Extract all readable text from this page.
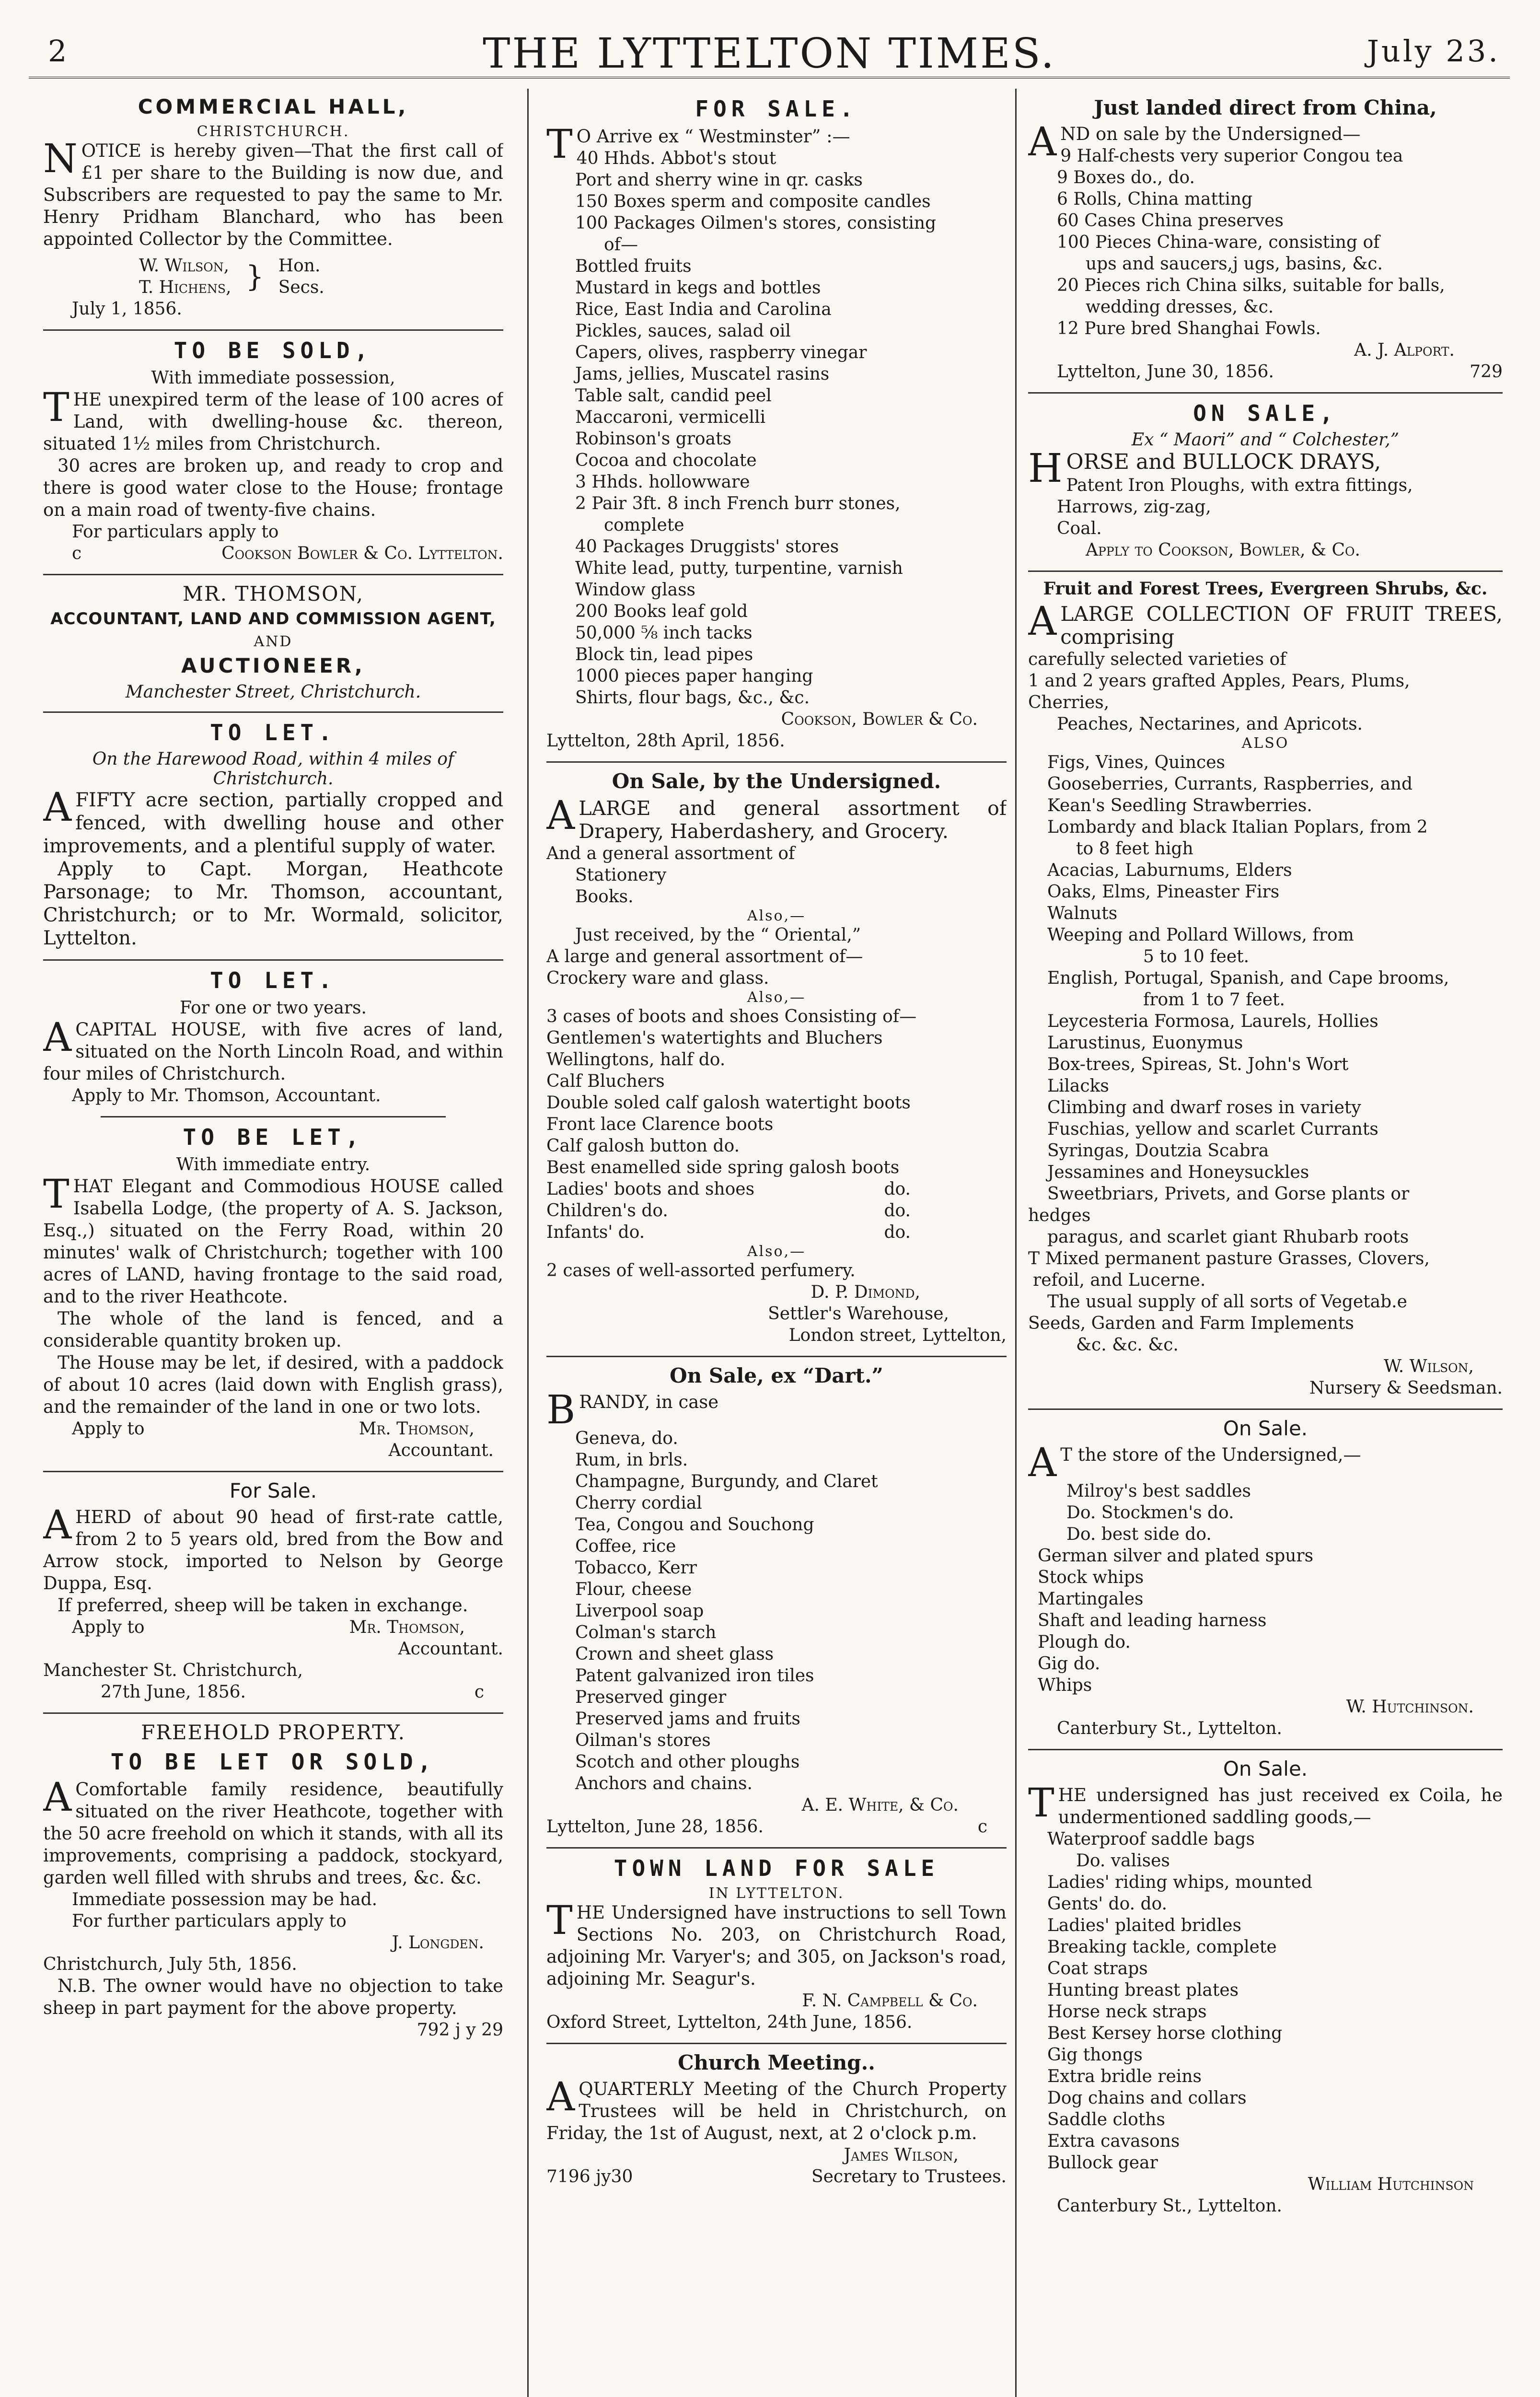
2	THE LYTTELTON TIMES.	July 23.
COMMERCIAL HALL,
CHRISTCHURCH.

NOTICE is hereby given—That the first call of £1 per share to the Building is now due, and Subscribers are requested to pay the same to Mr. Henry Pridham Blanchard, who has been appointed Collector by the Committee.

W. Wilson,
T. Hichens, } Hon.
Secs.
July 1, 1856.
TO BE SOLD,
With immediate possession,

THE unexpired term of the lease of 100 acres of Land, with dwelling-house &c. thereon, situated 1½ miles from Christchurch.

30 acres are broken up, and ready to crop and there is good water close to the House; frontage on a main road of twenty-five chains.

For particulars apply to
c	Cookson Bowler & Co. Lyttelton.
MR. THOMSON,
ACCOUNTANT, LAND AND COMMISSION AGENT,
AND
AUCTIONEER,
Manchester Street, Christchurch.
TO LET.
On the Harewood Road, within 4 miles of Christchurch.

AFIFTY acre section, partially cropped and fenced, with dwelling house and other improvements, and a plentiful supply of water.

Apply to Capt. Morgan, Heathcote Parsonage; to Mr. Thomson, accountant, Christchurch; or to Mr. Wormald, solicitor, Lyttelton.

TO LET.
For one or two years.

ACAPITAL HOUSE, with five acres of land, situated on the North Lincoln Road, and within four miles of Christchurch.

Apply to Mr. Thomson, Accountant.
TO BE LET,
With immediate entry.

THAT Elegant and Commodious HOUSE called Isabella Lodge, (the property of A. S. Jackson, Esq.,) situated on the Ferry Road, within 20 minutes' walk of Christchurch; together with 100 acres of LAND, having frontage to the said road, and to the river Heathcote.

The whole of the land is fenced, and a considerable quantity broken up.

The House may be let, if desired, with a paddock of about 10 acres (laid down with English grass), and the remainder of the land in one or two lots.

Apply to	Mr. Thomson,
Accountant.
For Sale.

AHERD of about 90 head of first-rate cattle, from 2 to 5 years old, bred from the Bow and Arrow stock, imported to Nelson by George Duppa, Esq.

If preferred, sheep will be taken in exchange.

Apply to	Mr. Thomson,
Accountant.
Manchester St. Christchurch,
27th June, 1856.	c
FREEHOLD PROPERTY.
TO BE LET OR SOLD,

A Comfortable family residence, beautifully situated on the river Heathcote, together with the 50 acre freehold on which it stands, with all its improvements, comprising a paddock, stockyard, garden well filled with shrubs and trees, &c. &c.

Immediate possession may be had.
For further particulars apply to
J. Longden.
Christchurch, July 5th, 1856.

N.B. The owner would have no objection to take sheep in part payment for the above property.

792 j y 29
FOR SALE.

T O Arrive ex “ Westminster” :—

40 Hhds. Abbot's stout
Port and sherry wine in qr. casks
150 Boxes sperm and composite candles
100 Packages Oilmen's stores, consisting
of—
Bottled fruits
Mustard in kegs and bottles
Rice, East India and Carolina
Pickles, sauces, salad oil
Capers, olives, raspberry vinegar
Jams, jellies, Muscatel rasins
Table salt, candid peel
Maccaroni, vermicelli
Robinson's groats
Cocoa and chocolate
3 Hhds. hollowware
2 Pair 3ft. 8 inch French burr stones,
complete
40 Packages Druggists' stores
White lead, putty, turpentine, varnish
Window glass
200 Books leaf gold
50,000 ⅝ inch tacks
Block tin, lead pipes
1000 pieces paper hanging
Shirts, flour bags, &c., &c.
Cookson, Bowler & Co.
Lyttelton, 28th April, 1856.
On Sale, by the Undersigned.

ALARGE and general assortment of Drapery, Haberdashery, and Grocery.

And a general assortment of
Stationery
Books.
Also,—
Just received, by the “ Oriental,”
A large and general assortment of—
Crockery ware and glass.
Also,—
3 cases of boots and shoes Consisting of—
Gentlemen's watertights and Bluchers
Wellingtons, half do.
Calf Bluchers
Double soled calf galosh watertight boots
Front lace Clarence boots
Calf galosh button do.
Best enamelled side spring galosh boots
Ladies' boots and shoes	do.
Children's do.	do.
Infants' do.	do.
Also,—
2 cases of well-assorted perfumery.
D. P. Dimond,
Settler's Warehouse,
London street, Lyttelton,
On Sale, ex “Dart.”

BRANDY, in case

Geneva, do.
Rum, in brls.
Champagne, Burgundy, and Claret
Cherry cordial
Tea, Congou and Souchong
Coffee, rice
Tobacco, Kerr
Flour, cheese
Liverpool soap
Colman's starch
Crown and sheet glass
Patent galvanized iron tiles
Preserved ginger
Preserved jams and fruits
Oilman's stores
Scotch and other ploughs
Anchors and chains.
A. E. White, & Co.
Lyttelton, June 28, 1856.	c
TOWN LAND FOR SALE
IN LYTTELTON.

THE Undersigned have instructions to sell Town Sections No. 203, on Christchurch Road, adjoining Mr. Varyer's; and 305, on Jackson's road, adjoining Mr. Seagur's.

F. N. Campbell & Co.
Oxford Street, Lyttelton, 24th June, 1856.
Church Meeting..

AQUARTERLY Meeting of the Church Property Trustees will be held in Christchurch, on Friday, the 1st of August, next, at 2 o'clock p.m.

James Wilson,
7196 jy30	Secretary to Trustees.
Just landed direct from China,

AND on sale by the Undersigned—

9 Half-chests very superior Congou tea
9 Boxes do., do.
6 Rolls, China matting
60 Cases China preserves
100 Pieces China-ware, consisting of
ups and saucers,j ugs, basins, &c.
20 Pieces rich China silks, suitable for balls,
wedding dresses, &c.
12 Pure bred Shanghai Fowls.
A. J. Alport.
Lyttelton, June 30, 1856.	729
ON SALE,
Ex “ Maori” and “ Colchester,”

HORSE and BULLOCK DRAYS,

Patent Iron Ploughs, with extra fittings,
Harrows, zig-zag,
Coal.
Apply to Cookson, Bowler, & Co.
Fruit and Forest Trees, Evergreen Shrubs, &c.

ALARGE COLLECTION OF FRUIT TREES, comprising

carefully selected varieties of
1 and 2 years grafted Apples, Pears, Plums,
Cherries,
Peaches, Nectarines, and Apricots.
ALSO
Figs, Vines, Quinces
Gooseberries, Currants, Raspberries, and
Kean's Seedling Strawberries.
Lombardy and black Italian Poplars, from 2
to 8 feet high
Acacias, Laburnums, Elders
Oaks, Elms, Pineaster Firs
Walnuts
Weeping and Pollard Willows, from
5 to 10 feet.
English, Portugal, Spanish, and Cape brooms,
from 1 to 7 feet.
Leycesteria Formosa, Laurels, Hollies
Larustinus, Euonymus
Box-trees, Spireas, St. John's Wort
Lilacks
Climbing and dwarf roses in variety
Fuschias, yellow and scarlet Currants
Syringas, Doutzia Scabra
Jessamines and Honeysuckles
Sweetbriars, Privets, and Gorse plants or
hedges
paragus, and scarlet giant Rhubarb roots
T Mixed permanent pasture Grasses, Clovers,
refoil, and Lucerne.
The usual supply of all sorts of Vegetab.e
Seeds, Garden and Farm Implements
&c. &c. &c.
W. Wilson,
Nursery & Seedsman.
On Sale.

A T the store of the Undersigned,—

Milroy's best saddles
Do. Stockmen's do.
Do. best side do.
German silver and plated spurs
Stock whips
Martingales
Shaft and leading harness
Plough do.
Gig do.
Whips
W. Hutchinson.
Canterbury St., Lyttelton.
On Sale.

THE undersigned has just received ex Coila, he undermentioned saddling goods,—

Waterproof saddle bags
Do. valises
Ladies' riding whips, mounted
Gents' do. do.
Ladies' plaited bridles
Breaking tackle, complete
Coat straps
Hunting breast plates
Horse neck straps
Best Kersey horse clothing
Gig thongs
Extra bridle reins
Dog chains and collars
Saddle cloths
Extra cavasons
Bullock gear
William Hutchinson
Canterbury St., Lyttelton.
